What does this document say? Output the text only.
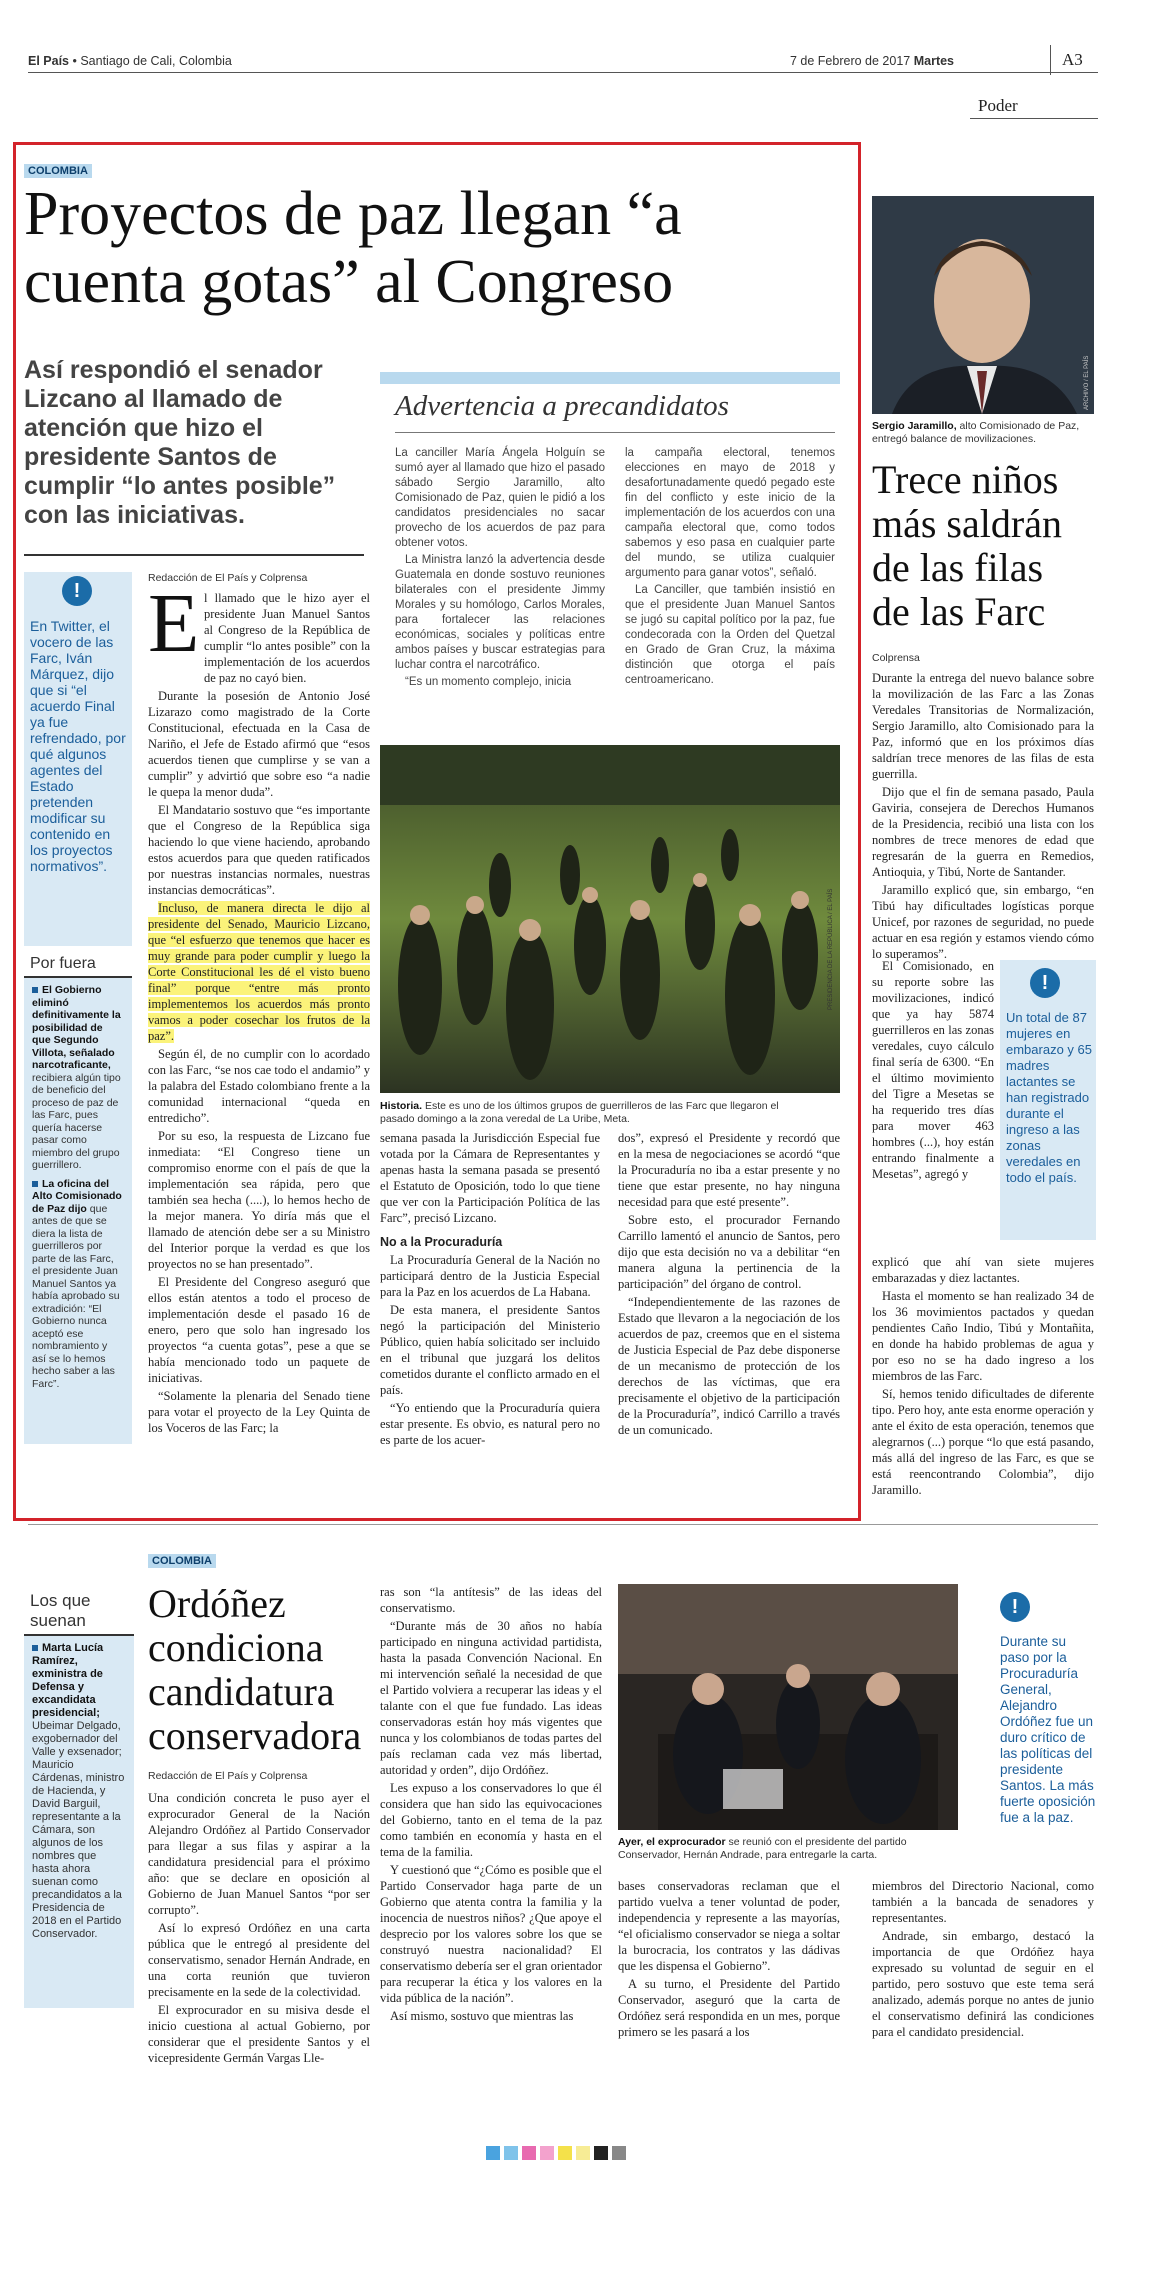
El País • Santiago de Cali, Colombia	7 de Febrero de 2017 Martes	A3
Poder
COLOMBIA
Proyectos de paz llegan “a cuenta gotas” al Congreso
Así respondió el senador Lizcano al llamado de atención que hizo el presidente Santos de cumplir “lo antes posible” con las iniciativas.
Advertencia a precandidatos

La canciller María Ángela Holguín se sumó ayer al llamado que hizo el pasado sábado Sergio Jaramillo, alto Comisionado de Paz, quien le pidió a los candidatos presidenciales no sacar provecho de los acuerdos de paz para obtener votos.

La Ministra lanzó la advertencia desde Guatemala en donde sostuvo reuniones bilaterales con el presidente Jimmy Morales y su homólogo, Carlos Morales, para fortalecer las relaciones económicas, sociales y políticas entre ambos países y buscar estrategias para luchar contra el narcotráfico.

“Es un momento complejo, inicia

la campaña electoral, tenemos elecciones en mayo de 2018 y desafortunadamente quedó pegado este fin del conflicto y este inicio de la implementación de los acuerdos con una campaña electoral que, como todos sabemos y eso pasa en cualquier parte del mundo, se utiliza cualquier argumento para ganar votos”, señaló.

La Canciller, que también insistió en que el presidente Juan Manuel Santos se jugó su capital político por la paz, fue condecorada con la Orden del Quetzal en Grado de Gran Cruz, la máxima distinción que otorga el país centroamericano.

PRESIDENCIA DE LA REPÚBLICA / EL PAÍS
Historia. Este es uno de los últimos grupos de guerrilleros de las Farc que llegaron el pasado domingo a la zona veredal de La Uribe, Meta.
!
En Twitter, el vocero de las Farc, Iván Márquez, dijo que si “el acuerdo Final ya fue refrendado, por qué algunos agentes del Estado pretenden modificar su contenido en los proyectos normativos”.

Por fuera

El Gobierno eliminó definitivamente la posibilidad de que Segundo Villota, señalado narcotraficante, recibiera algún tipo de beneficio del proceso de paz de las Farc, pues quería hacerse pasar como miembro del grupo guerrillero.
La oficina del Alto Comisionado de Paz dijo que antes de que se diera la lista de guerrilleros por parte de las Farc, el presidente Juan Manuel Santos ya había aprobado su extradición: “El Gobierno nunca aceptó ese nombramiento y así se lo hemos hecho saber a las Farc”.
Redacción de El País y Colprensa
E l llamado que le hizo ayer el presidente Juan Manuel Santos al Congreso de la República de cumplir “lo antes posible” con la implementación de los acuerdos de paz no cayó bien.

Durante la posesión de Antonio José Lizarazo como magistrado de la Corte Constitucional, efectuada en la Casa de Nariño, el Jefe de Estado afirmó que “esos acuerdos tienen que cumplirse y se van a cumplir” y advirtió que sobre eso “a nadie le quepa la menor duda”.

El Mandatario sostuvo que “es importante que el Congreso de la República siga haciendo lo que viene haciendo, aprobando estos acuerdos para que queden ratificados por nuestras instancias normales, nuestras instancias democráticas”.

Incluso, de manera directa le dijo al presidente del Senado, Mauricio Lizcano, que “el esfuerzo que tenemos que hacer es muy grande para poder cumplir y luego la Corte Constitucional les dé el visto bueno final” porque “entre más pronto implementemos los acuerdos más pronto vamos a poder cosechar los frutos de la paz”.

Según él, de no cumplir con lo acordado con las Farc, “se nos cae todo el andamio” y la palabra del Estado colombiano frente a la comunidad internacional “queda en entredicho”.

Por su eso, la respuesta de Lizcano fue inmediata: “El Congreso tiene un compromiso enorme con el país de que la implementación sea rápida, pero que también sea hecha (....), lo hemos hecho de la mejor manera. Yo diría más que el llamado de atención debe ser a su Ministro del Interior porque la verdad es que los proyectos no se han presentado”.

El Presidente del Congreso aseguró que ellos están atentos a todo el proceso de implementación desde el pasado 16 de enero, pero que solo han ingresado los proyectos “a cuenta gotas”, pese a que se había mencionado todo un paquete de iniciativas.

“Solamente la plenaria del Senado tiene para votar el proyecto de la Ley Quinta de los Voceros de las Farc; la

semana pasada la Jurisdicción Especial fue votada por la Cámara de Representantes y apenas hasta la semana pasada se presentó el Estatuto de Oposición, todo lo que tiene que ver con la Participación Política de las Farc”, precisó Lizcano.

No a la Procuraduría

La Procuraduría General de la Nación no participará dentro de la Justicia Especial para la Paz en los acuerdos de La Habana.

De esta manera, el presidente Santos negó la participación del Ministerio Público, quien había solicitado ser incluido en el tribunal que juzgará los delitos cometidos durante el conflicto armado en el país.

“Yo entiendo que la Procuraduría quiera estar presente. Es obvio, es natural pero no es parte de los acuer-

dos”, expresó el Presidente y recordó que en la mesa de negociaciones se acordó “que la Procuraduría no iba a estar presente y no tiene que estar presente, no hay ninguna necesidad para que esté presente”.

Sobre esto, el procurador Fernando Carrillo lamentó el anuncio de Santos, pero dijo que esta decisión no va a debilitar “en manera alguna la pertinencia de la participación” del órgano de control.

“Independientemente de las razones de Estado que llevaron a la negociación de los acuerdos de paz, creemos que en el sistema de Justicia Especial de Paz debe disponerse de un mecanismo de protección de los derechos de las víctimas, que era precisamente el objetivo de la participación de la Procuraduría”, indicó Carrillo a través de un comunicado.

ARCHIVO / EL PAÍS
Sergio Jaramillo, alto Comisionado de Paz, entregó balance de movilizaciones.
Trece niños más saldrán de las filas de las Farc
Colprensa

Durante la entrega del nuevo balance sobre la movilización de las Farc a las Zonas Veredales Transitorias de Normalización, Sergio Jaramillo, alto Comisionado para la Paz, informó que en los próximos días saldrían trece menores de las filas de esta guerrilla.

Dijo que el fin de semana pasado, Paula Gaviria, consejera de Derechos Humanos de la Presidencia, recibió una lista con los nombres de trece menores de edad que regresarán de la guerra en Remedios, Antioquia, y Tibú, Norte de Santander.

Jaramillo explicó que, sin embargo, “en Tibú hay dificultades logísticas porque Unicef, por razones de seguridad, no puede actuar en esa región y estamos viendo cómo lo superamos”.

El Comisionado, en su reporte sobre las movilizaciones, indicó que ya hay 5874 guerrilleros en las zonas veredales, cuyo cálculo final sería de 6300. “En el último movimiento del Tigre a Mesetas se ha requerido tres días para mover 463 hombres (...), hoy están entrando finalmente a Mesetas”, agregó y

!
Un total de 87 mujeres en embarazo y 65 madres lactantes se han registrado durante el ingreso a las zonas veredales en todo el país.

explicó que ahí van siete mujeres embarazadas y diez lactantes.

Hasta el momento se han realizado 34 de los 36 movimientos pactados y quedan pendientes Caño Indio, Tibú y Montañita, en donde ha habido problemas de agua y por eso no se ha dado ingreso a los miembros de las Farc.

Sí, hemos tenido dificultades de diferente tipo. Pero hoy, ante esta enorme operación y ante el éxito de esta operación, tenemos que alegrarnos (...) porque “lo que está pasando, más allá del ingreso de las Farc, es que se está reencontrando Colombia”, dijo Jaramillo.

COLOMBIA

Los que suenan

Marta Lucía Ramírez, exministra de Defensa y excandidata presidencial; Ubeimar Delgado, exgobernador del Valle y exsenador; Mauricio Cárdenas, ministro de Hacienda, y David Barguil, representante a la Cámara, son algunos de los nombres que hasta ahora suenan como precandidatos a la Presidencia de 2018 en el Partido Conservador.
Ordóñez condiciona candidatura conservadora
Redacción de El País y Colprensa

Una condición concreta le puso ayer el exprocurador General de la Nación Alejandro Ordóñez al Partido Conservador para llegar a sus filas y aspirar a la candidatura presidencial para el próximo año: que se declare en oposición al Gobierno de Juan Manuel Santos “por ser corrupto”.

Así lo expresó Ordóñez en una carta pública que le entregó al presidente del conservatismo, senador Hernán Andrade, en una corta reunión que tuvieron precisamente en la sede de la colectividad.

El exprocurador en su misiva desde el inicio cuestiona al actual Gobierno, por considerar que el presidente Santos y el vicepresidente Germán Vargas Lle-

ras son “la antítesis” de las ideas del conservatismo.

“Durante más de 30 años no había participado en ninguna actividad partidista, hasta la pasada Convención Nacional. En mi intervención señalé la necesidad de que el Partido volviera a recuperar las ideas y el talante con el que fue fundado. Las ideas conservadoras están hoy más vigentes que nunca y los colombianos de todas partes del país reclaman cada vez más libertad, autoridad y orden”, dijo Ordóñez.

Les expuso a los conservadores lo que él considera que han sido las equivocaciones del Gobierno, tanto en el tema de la paz como también en economía y hasta en el tema de la familia.

Y cuestionó que “¿Cómo es posible que el Partido Conservador haga parte de un Gobierno que atenta contra la familia y la inocencia de nuestros niños? ¿Que apoye el desprecio por los valores sobre los que se construyó nuestra nacionalidad? El conservatismo debería ser el gran orientador para recuperar la ética y los valores en la vida pública de la nación”.

Así mismo, sostuvo que mientras las

Ayer, el exprocurador se reunió con el presidente del partido Conservador, Hernán Andrade, para entregarle la carta.
!
Durante su paso por la Procuraduría General, Alejandro Ordóñez fue un duro crítico de las políticas del presidente Santos. La más fuerte oposición fue a la paz.

bases conservadoras reclaman que el partido vuelva a tener voluntad de poder, independencia y represente a las mayorías, “el oficialismo conservador se niega a soltar la burocracia, los contratos y las dádivas que les dispensa el Gobierno”.

A su turno, el Presidente del Partido Conservador, aseguró que la carta de Ordóñez será respondida en un mes, porque primero se les pasará a los

miembros del Directorio Nacional, como también a la bancada de senadores y representantes.

Andrade, sin embargo, destacó la importancia de que Ordóñez haya expresado su voluntad de seguir en el partido, pero sostuvo que este tema será analizado, además porque no antes de junio el conservatismo definirá las condiciones para el candidato presidencial.
